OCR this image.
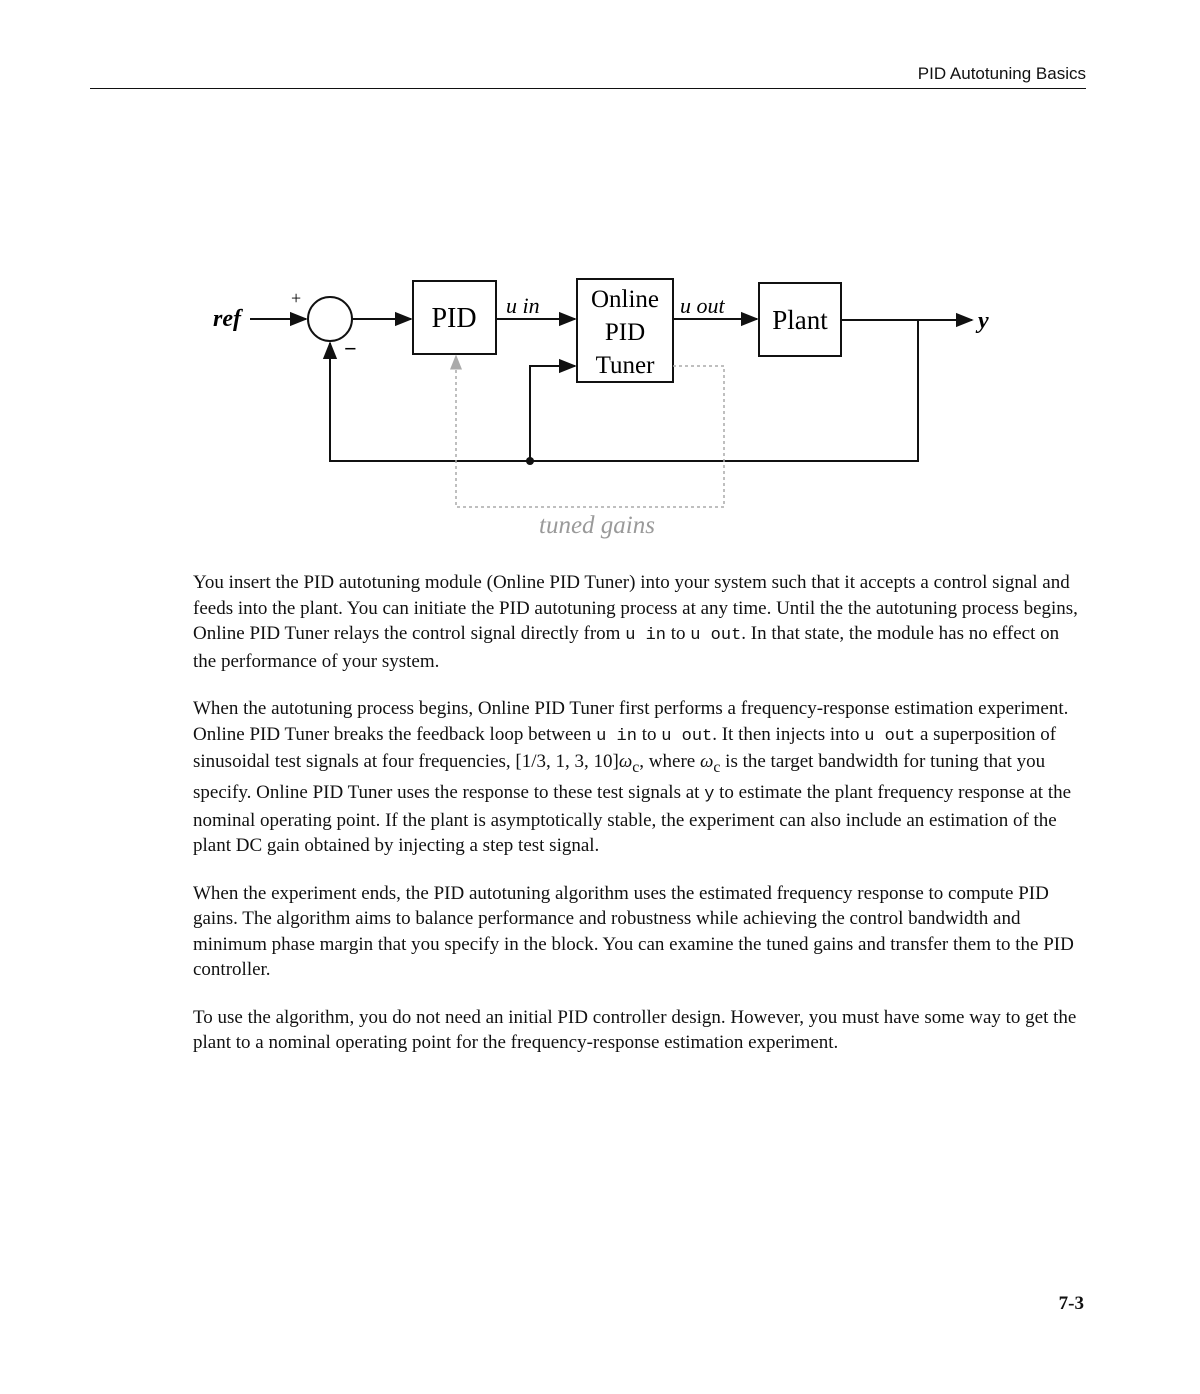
PID Autotuning Basics
ref
+
−
PID u in Online
PID
Tuner
u out Plant	y
tuned gains

You insert the PID autotuning module (Online PID Tuner) into your system such that it accepts a control signal and feeds into the plant. You can initiate the PID autotuning process at any time. Until the the autotuning process begins, Online PID Tuner relays the control signal directly from u in to u out. In that state, the module has no effect on the performance of your system.

When the autotuning process begins, Online PID Tuner first performs a frequency-response estimation experiment. Online PID Tuner breaks the feedback loop between u in to u out. It then injects into u out a superposition of sinusoidal test signals at four frequencies, [1/3, 1, 3, $10]\omega_c$, where $\omega_c$ is the target bandwidth for tuning that you specify. Online PID Tuner uses the response to these test signals at y to estimate the plant frequency response at the nominal operating point. If the plant is asymptotically stable, the experiment can also include an estimation of the plant DC gain obtained by injecting a step test signal.

When the experiment ends, the PID autotuning algorithm uses the estimated frequency response to compute PID gains. The algorithm aims to balance performance and robustness while achieving the control bandwidth and minimum phase margin that you specify in the block. You can examine the tuned gains and transfer them to the PID controller.

To use the algorithm, you do not need an initial PID controller design. However, you must have some way to get the plant to a nominal operating point for the frequency-response estimation experiment.

7-3
